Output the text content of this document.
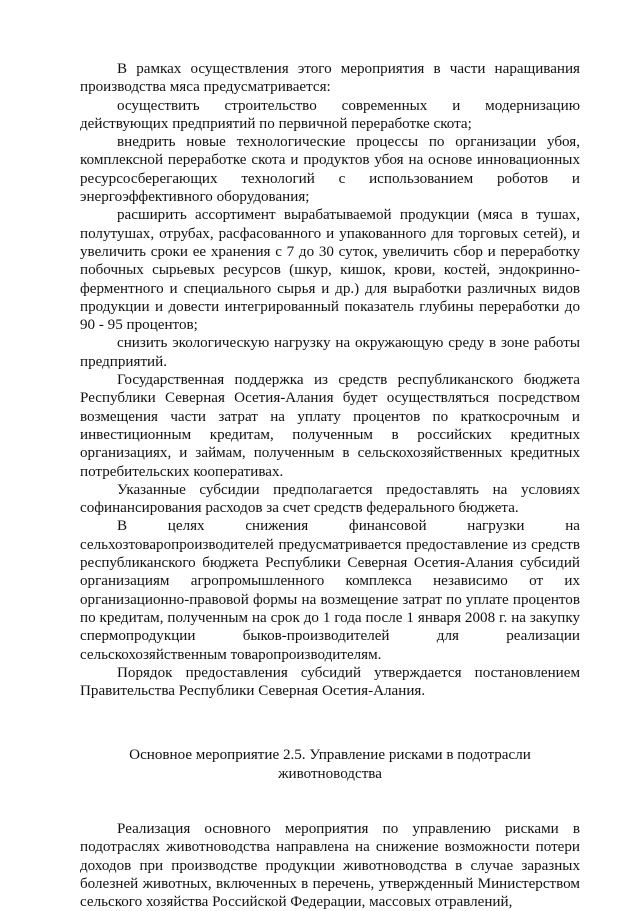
В рамках осуществления этого мероприятия в части наращивания производства мяса предусматривается:

осуществить строительство современных и модернизацию действующих предприятий по первичной переработке скота;

внедрить новые технологические процессы по организации убоя, комплексной переработке скота и продуктов убоя на основе инновационных ресурсосберегающих технологий с использованием роботов и энергоэффективного оборудования;

расширить ассортимент вырабатываемой продукции (мяса в тушах, полутушах, отрубах, расфасованного и упакованного для торговых сетей), и увеличить сроки ее хранения с 7 до 30 суток, увеличить сбор и переработку побочных сырьевых ресурсов (шкур, кишок, крови, костей, эндокринно-ферментного и специального сырья и др.) для выработки различных видов продукции и довести интегрированный показатель глубины переработки до 90 - 95 процентов;

снизить экологическую нагрузку на окружающую среду в зоне работы предприятий.

Государственная поддержка из средств республиканского бюджета Республики Северная Осетия-Алания будет осуществляться посредством возмещения части затрат на уплату процентов по краткосрочным и инвестиционным кредитам, полученным в российских кредитных организациях, и займам, полученным в сельскохозяйственных кредитных потребительских кооперативах.

Указанные субсидии предполагается предоставлять на условиях софинансирования расходов за счет средств федерального бюджета.

В целях снижения финансовой нагрузки на сельхозтоваропроизводителей предусматривается предоставление из средств республиканского бюджета Республики Северная Осетия-Алания субсидий организациям агропромышленного комплекса независимо от их организационно-правовой формы на возмещение затрат по уплате процентов по кредитам, полученным на срок до 1 года после 1 января 2008 г. на закупку спермопродукции быков-производителей для реализации сельскохозяйственным товаропроизводителям.

Порядок предоставления субсидий утверждается постановлением Правительства Республики Северная Осетия-Алания.

Основное мероприятие 2.5. Управление рисками в подотрасли животноводства

Реализация основного мероприятия по управлению рисками в подотраслях животноводства направлена на снижение возможности потери доходов при производстве продукции животноводства в случае заразных болезней животных, включенных в перечень, утвержденный Министерством сельского хозяйства Российской Федерации, массовых отравлений,
